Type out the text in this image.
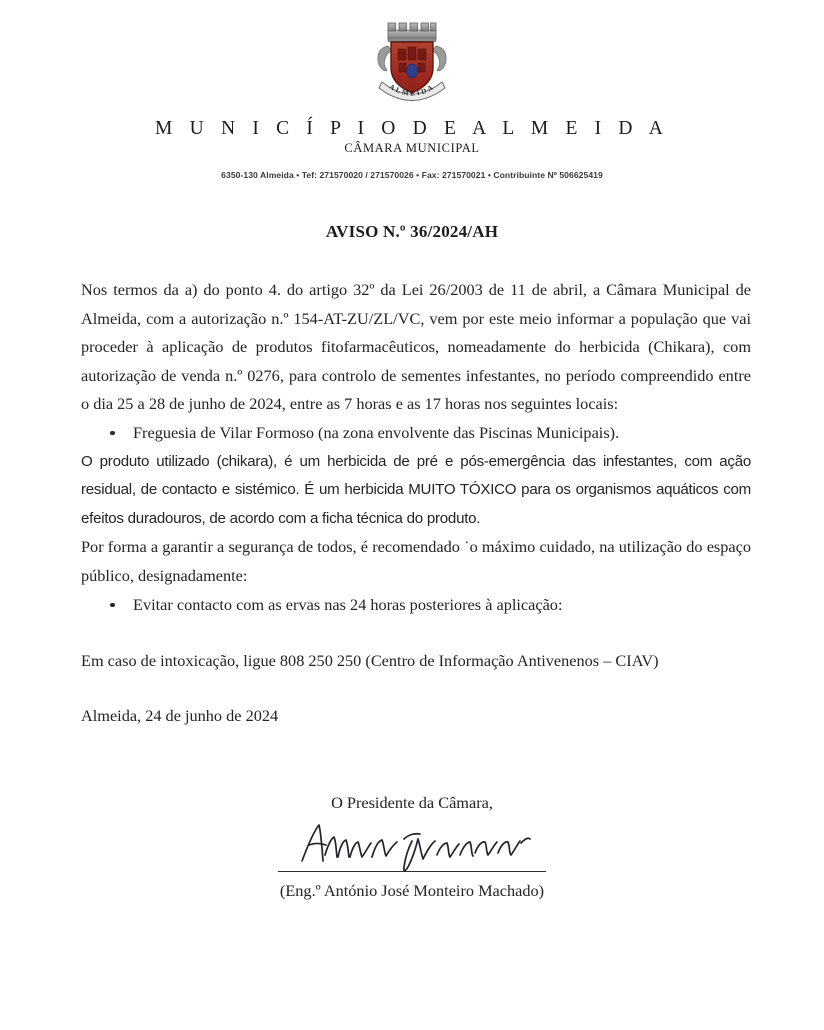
ALMEIDA
M U N I C Í P I O D E A L M E I D A
CÂMARA MUNICIPAL
6350-130 Almeida • Tef: 271570020 / 271570026 • Fax: 271570021 • Contribuinte Nº 506625419
AVISO N.º 36/2024/AH

Nos termos da a) do ponto 4. do artigo 32º da Lei 26/2003 de 11 de abril, a Câmara Municipal de Almeida, com a autorização n.º 154-AT-ZU/ZL/VC, vem por este meio informar a população que vai proceder à aplicação de produtos fitofarmacêuticos, nomeadamente do herbicida (Chikara), com autorização de venda n.º 0276, para controlo de sementes infestantes, no período compreendido entre o dia 25 a 28 de junho de 2024, entre as 7 horas e as 17 horas nos seguintes locais:

Freguesia de Vilar Formoso (na zona envolvente das Piscinas Municipais).

O produto utilizado (chikara), é um herbicida de pré e pós-emergência das infestantes, com ação residual, de contacto e sistémico. É um herbicida MUITO TÓXICO para os organismos aquáticos com efeitos duradouros, de acordo com a ficha técnica do produto.

Por forma a garantir a segurança de todos, é recomendado ˙o máximo cuidado, na utilização do espaço público, designadamente:

Evitar contacto com as ervas nas 24 horas posteriores à aplicação:

Em caso de intoxicação, ligue 808 250 250 (Centro de Informação Antivenenos – CIAV)

Almeida, 24 de junho de 2024

O Presidente da Câmara,
(Eng.º António José Monteiro Machado)
